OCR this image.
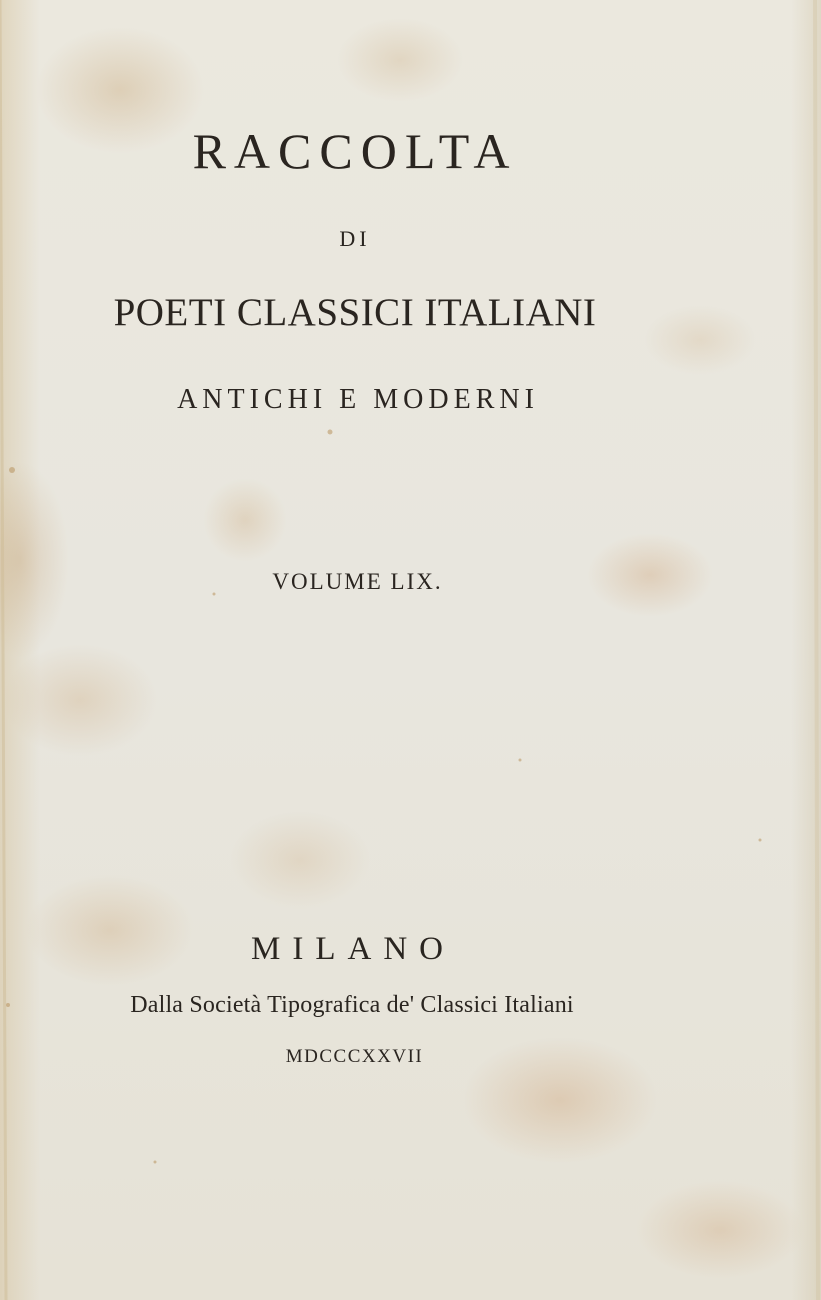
RACCOLTA
DI
POETI CLASSICI ITALIANI
ANTICHI E MODERNI
VOLUME LIX.
MILANO
Dalla Società Tipografica de' Classici Italiani
MDCCCXXVII
